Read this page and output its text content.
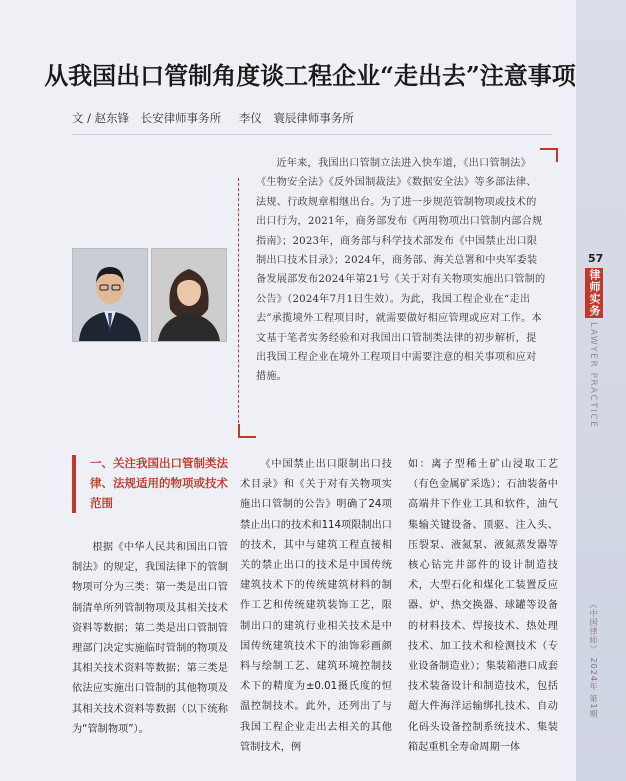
从我国出口管制角度谈工程企业“走出去”注意事项
文 / 赵东锋　长安律师事务所 李仪　寰辰律师事务所

近年来，我国出口管制立法进入快车道，《出口管制法》《生物安全法》《反外国制裁法》《数据安全法》等多部法律、法规、行政规章相继出台。为了进一步规范管制物项或技术的出口行为，2021年，商务部发布《两用物项出口管制内部合规指南》；2023年，商务部与科学技术部发布《中国禁止出口限制出口技术目录》；2024年，商务部、海关总署和中央军委装备发展部发布2024年第21号《关于对有关物项实施出口管制的公告》（2024年7月1日生效）。为此，我国工程企业在“走出去”承揽境外工程项目时，就需要做好相应管理或应对工作。本文基于笔者实务经验和对我国出口管制类法律的初步解析，提出我国工程企业在境外工程项目中需要注意的相关事项和应对措施。

57
律师实务
LAWYER PRACTICE
《中国律师》 2024年 第1期
一、关注我国出口管制类法律、法规适用的物项或技术范围

根据《中华人民共和国出口管制法》的规定，我国法律下的管制物项可分为三类：第一类是出口管制清单所列管制物项及其相关技术资料等数据；第二类是出口管制管理部门决定实施临时管制的物项及其相关技术资料等数据；第三类是依法应实施出口管制的其他物项及其相关技术资料等数据（以下统称为“管制物项”）。

《中国禁止出口限制出口技术目录》和《关于对有关物项实施出口管制的公告》明确了24项禁止出口的技术和114项限制出口的技术，其中与建筑工程直接相关的禁止出口的技术是中国传统建筑技术下的传统建筑材料的制作工艺和传统建筑装饰工艺，限制出口的建筑行业相关技术是中国传统建筑技术下的油饰彩画颜料与绘制工艺、建筑环境控制技术下的精度为±0.01摄氏度的恒温控制技术。此外，还列出了与我国工程企业走出去相关的其他管制技术，例

如：离子型稀土矿山浸取工艺（有色金属矿采选）；石油装备中高端井下作业工具和软件，油气集输关键设备、顶驱、注入头、压裂泵、液氮泵、液氮蒸发器等核心钻完井部件的设计制造技术，大型石化和煤化工装置反应器、炉、热交换器、球罐等设备的材料技术、焊接技术、热处理技术、加工技术和检测技术（专业设备制造业）；集装箱港口成套技术装备设计和制造技术，包括超大件海洋运输绑扎技术、自动化码头设备控制系统技术、集装箱起重机全寿命周期一体
